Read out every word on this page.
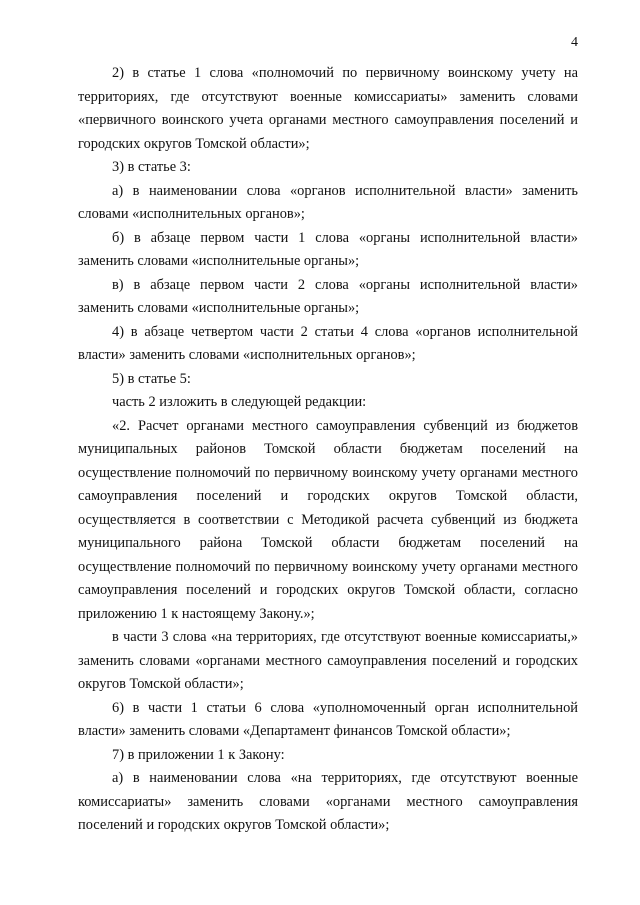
4

2) в статье 1 слова «полномочий по первичному воинскому учету на территориях, где отсутствуют военные комиссариаты» заменить словами «первичного воинского учета органами местного самоуправления поселений и городских округов Томской области»;

3) в статье 3:

а) в наименовании слова «органов исполнительной власти» заменить словами «исполнительных органов»;

б) в абзаце первом части 1 слова «органы исполнительной власти» заменить словами «исполнительные органы»;

в) в абзаце первом части 2 слова «органы исполнительной власти» заменить словами «исполнительные органы»;

4) в абзаце четвертом части 2 статьи 4 слова «органов исполнительной власти» заменить словами «исполнительных органов»;

5) в статье 5:

часть 2 изложить в следующей редакции:

«2. Расчет органами местного самоуправления субвенций из бюджетов муниципальных районов Томской области бюджетам поселений на осуществление полномочий по первичному воинскому учету органами местного самоуправления поселений и городских округов Томской области, осуществляется в соответствии с Методикой расчета субвенций из бюджета муниципального района Томской области бюджетам поселений на осуществление полномочий по первичному воинскому учету органами местного самоуправления поселений и городских округов Томской области, согласно приложению 1 к настоящему Закону.»;

в части 3 слова «на территориях, где отсутствуют военные комиссариаты,» заменить словами «органами местного самоуправления поселений и городских округов Томской области»;

6) в части 1 статьи 6 слова «уполномоченный орган исполнительной власти» заменить словами «Департамент финансов Томской области»;

7) в приложении 1 к Закону:

а) в наименовании слова «на территориях, где отсутствуют военные комиссариаты» заменить словами «органами местного самоуправления поселений и городских округов Томской области»;
